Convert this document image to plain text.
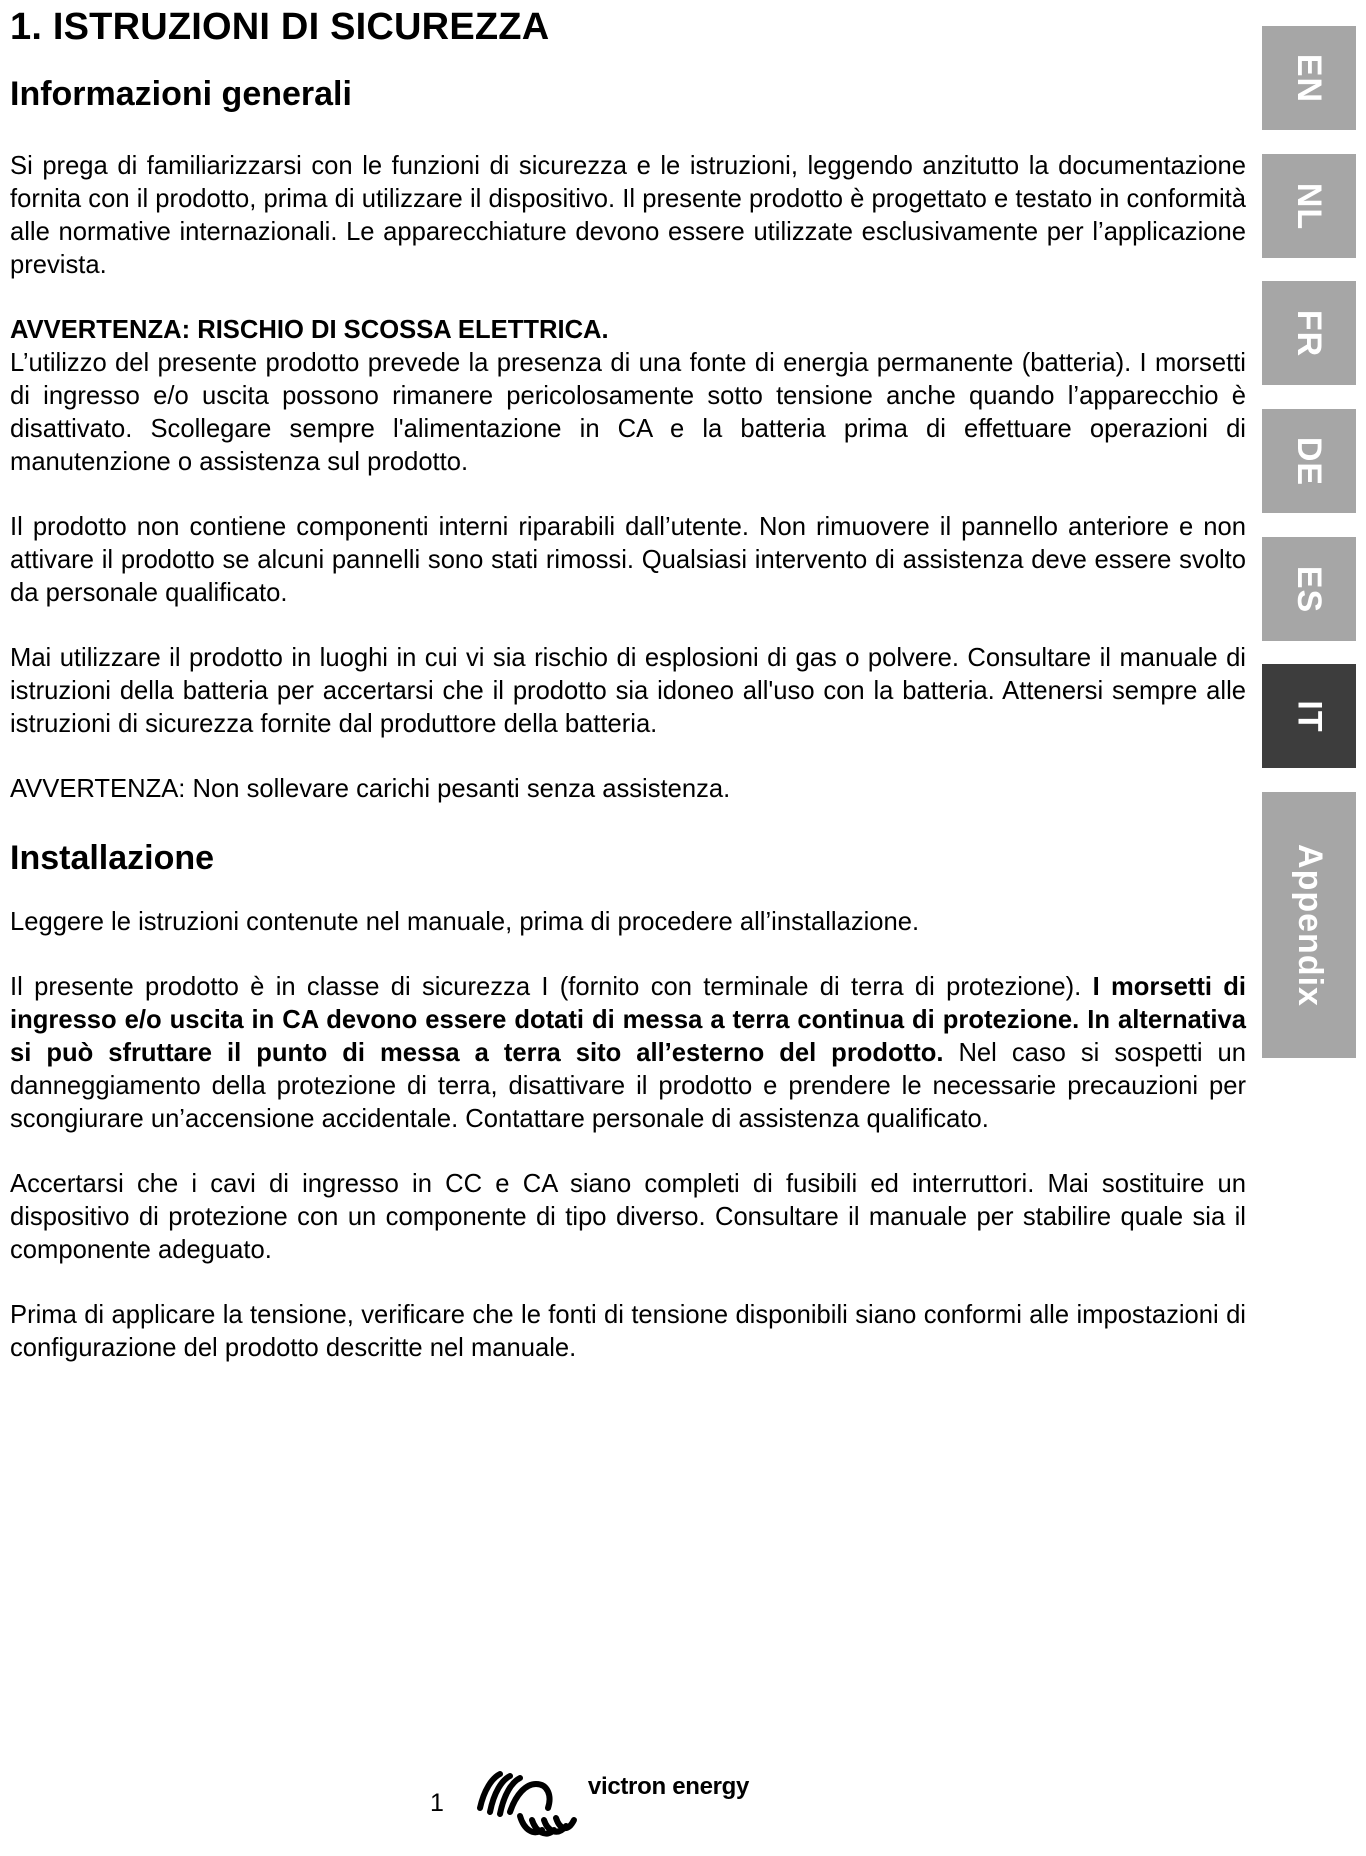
1. ISTRUZIONI DI SICUREZZA
Informazioni generali

Si prega di familiarizzarsi con le funzioni di sicurezza e le istruzioni, leggendo anzitutto la documentazione fornita con il prodotto, prima di utilizzare il dispositivo. Il presente prodotto è progettato e testato in conformità alle normative internazionali. Le apparecchiature devono essere utilizzate esclusivamente per l’applicazione prevista.

AVVERTENZA: RISCHIO DI SCOSSA ELETTRICA.

L’utilizzo del presente prodotto prevede la presenza di una fonte di energia permanente (batteria). I morsetti di ingresso e/o uscita possono rimanere pericolosamente sotto tensione anche quando l’apparecchio è disattivato. Scollegare sempre l'alimentazione in CA e la batteria prima di effettuare operazioni di manutenzione o assistenza sul prodotto.

Il prodotto non contiene componenti interni riparabili dall’utente. Non rimuovere il pannello anteriore e non attivare il prodotto se alcuni pannelli sono stati rimossi. Qualsiasi intervento di assistenza deve essere svolto da personale qualificato.

Mai utilizzare il prodotto in luoghi in cui vi sia rischio di esplosioni di gas o polvere. Consultare il manuale di istruzioni della batteria per accertarsi che il prodotto sia idoneo all'uso con la batteria. Attenersi sempre alle istruzioni di sicurezza fornite dal produttore della batteria.

AVVERTENZA: Non sollevare carichi pesanti senza assistenza.

Installazione

Leggere le istruzioni contenute nel manuale, prima di procedere all’installazione.

Il presente prodotto è in classe di sicurezza I (fornito con terminale di terra di protezione). I morsetti di ingresso e/o uscita in CA devono essere dotati di messa a terra continua di protezione. In alternativa si può sfruttare il punto di messa a terra sito all’esterno del prodotto. Nel caso si sospetti un danneggiamento della protezione di terra, disattivare il prodotto e prendere le necessarie precauzioni per scongiurare un’accensione accidentale. Contattare personale di assistenza qualificato.

Accertarsi che i cavi di ingresso in CC e CA siano completi di fusibili ed interruttori. Mai sostituire un dispositivo di protezione con un componente di tipo diverso. Consultare il manuale per stabilire quale sia il componente adeguato.

Prima di applicare la tensione, verificare che le fonti di tensione disponibili siano conformi alle impostazioni di configurazione del prodotto descritte nel manuale.

EN
NL
FR
DE
ES
IT
Appendix
1
victron energy
